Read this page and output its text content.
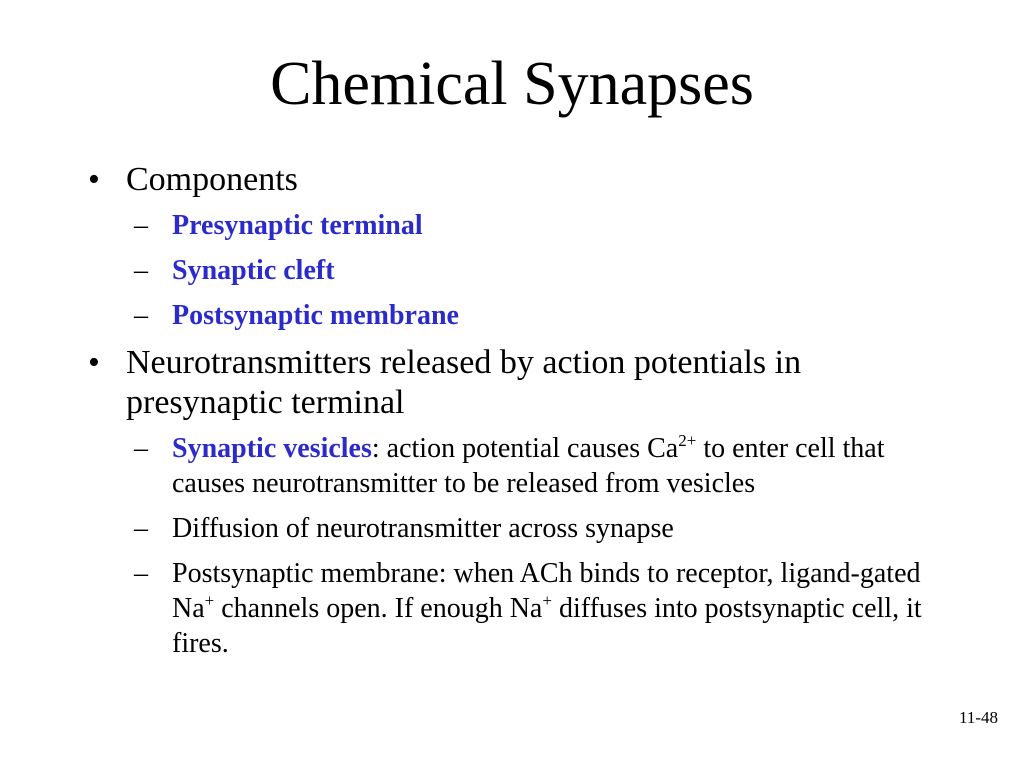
Chemical Synapses
• Components
– Presynaptic terminal
– Synaptic cleft
– Postsynaptic membrane
• Neurotransmitters released by action potentials in presynaptic terminal
– Synaptic vesicles: action potential causes $Ca^{2+}$ to enter cell that causes neurotransmitter to be released from vesicles
– Diffusion of neurotransmitter across synapse
– Postsynaptic membrane: when ACh binds to receptor, ligand-gated Na+ channels open. If enough Na+ diffuses into postsynaptic cell, it fires.
11-48
